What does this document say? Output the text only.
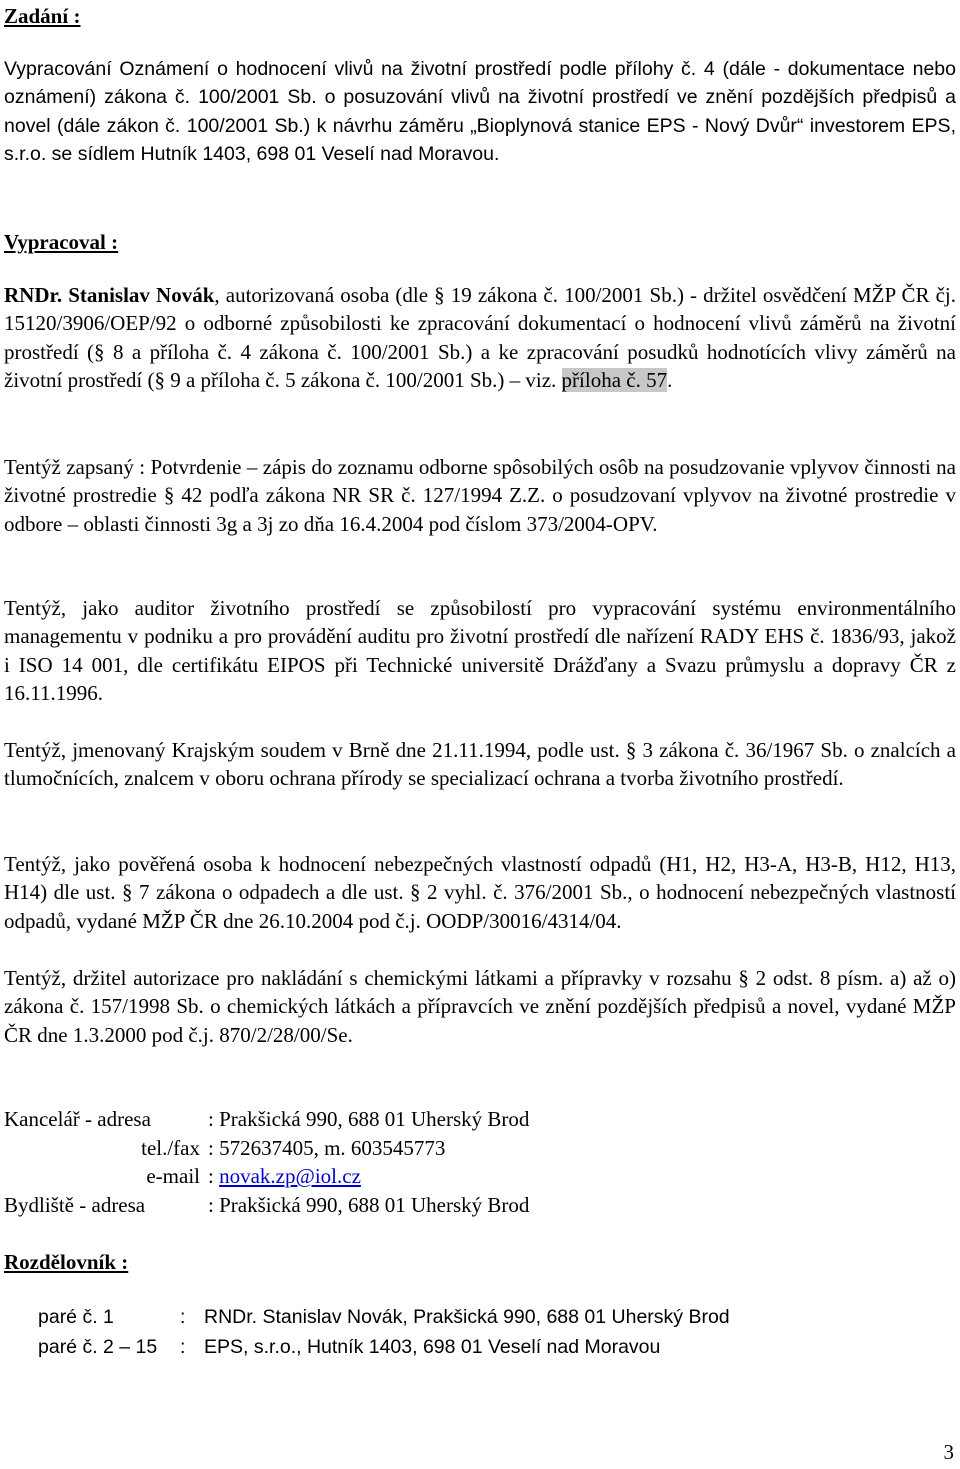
Zadání :

Vypracování Oznámení o hodnocení vlivů na životní prostředí podle přílohy č. 4 (dále - dokumentace nebo oznámení) zákona č. 100/2001 Sb. o posuzování vlivů na životní prostředí ve znění pozdějších předpisů a novel (dále zákon č. 100/2001 Sb.) k návrhu záměru „Bioplynová stanice EPS - Nový Dvůr“ investorem EPS, s.r.o. se sídlem Hutník 1403, 698 01 Veselí nad Moravou.

Vypracoval :

RNDr. Stanislav Novák, autorizovaná osoba (dle § 19 zákona č. 100/2001 Sb.) - držitel osvědčení MŽP ČR čj. 15120/3906/OEP/92 o odborné způsobilosti ke zpracování dokumentací o hodnocení vlivů záměrů na životní prostředí (§ 8 a příloha č. 4 zákona č. 100/2001 Sb.) a ke zpracování posudků hodnotících vlivy záměrů na životní prostředí (§ 9 a příloha č. 5 zákona č. 100/2001 Sb.) – viz. příloha č. 57.

Tentýž zapsaný : Potvrdenie – zápis do zoznamu odborne spôsobilých osôb na posudzovanie vplyvov činnosti na životné prostredie § 42 podľa zákona NR SR č. 127/1994 Z.Z. o posudzovaní vplyvov na životné prostredie v odbore – oblasti činnosti 3g a 3j zo dňa 16.4.2004 pod číslom 373/2004-OPV.

Tentýž, jako auditor životního prostředí se způsobilostí pro vypracování systému environmentálního managementu v podniku a pro provádění auditu pro životní prostředí dle nařízení RADY EHS č. 1836/93, jakož i ISO 14 001, dle certifikátu EIPOS při Technické universitě Drážďany a Svazu průmyslu a dopravy ČR z 16.11.1996.

Tentýž, jmenovaný Krajským soudem v Brně dne 21.11.1994, podle ust. § 3 zákona č. 36/1967 Sb. o znalcích a tlumočnících, znalcem v oboru ochrana přírody se specializací ochrana a tvorba životního prostředí.

Tentýž, jako pověřená osoba k hodnocení nebezpečných vlastností odpadů (H1, H2, H3-A, H3-B, H12, H13, H14) dle ust. § 7 zákona o odpadech a dle ust. § 2 vyhl. č. 376/2001 Sb., o hodnocení nebezpečných vlastností odpadů, vydané MŽP ČR dne 26.10.2004 pod č.j. OODP/30016/4314/04.

Tentýž, držitel autorizace pro nakládání s chemickými látkami a přípravky v rozsahu § 2 odst. 8 písm. a) až o) zákona č. 157/1998 Sb. o chemických látkách a přípravcích ve znění pozdějších předpisů a novel, vydané MŽP ČR dne 1.3.2000 pod č.j. 870/2/28/00/Se.

Kancelář - adresa	: Prakšická 990, 688 01 Uherský Brod
tel./fax : 572637405, m. 603545773
e-mail : novak.zp@iol.cz
Bydliště - adresa	: Prakšická 990, 688 01 Uherský Brod
Rozdělovník :
paré č. 1	: RNDr. Stanislav Novák, Prakšická 990, 688 01 Uherský Brod
paré č. 2 – 15	: EPS, s.r.o., Hutník 1403, 698 01 Veselí nad Moravou
3
